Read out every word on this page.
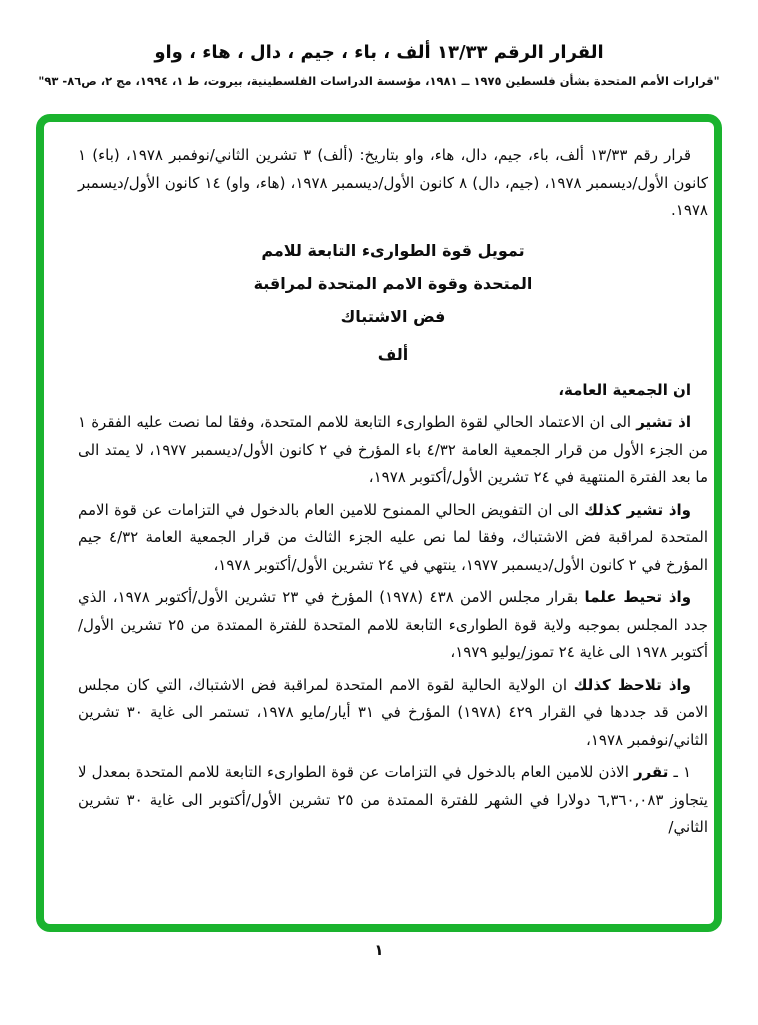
القرار الرقم ١٣/٣٣ ألف ، باء ، جيم ، دال ، هاء ، واو
"قرارات الأمم المتحدة بشأن فلسطين ١٩٧٥ ــ ١٩٨١، مؤسسة الدراسات الفلسطينية، بيروت، ط ١، ١٩٩٤، مج ٢، ص٨٦- ٩٣"

قرار رقم ١٣/٣٣ ألف، باء، جيم، دال، هاء، واو بتاريخ: (ألف) ٣ تشرين الثاني/نوفمبر ١٩٧٨، (باء) ١ كانون الأول/ديسمبر ١٩٧٨، (جيم، دال) ٨ كانون الأول/ديسمبر ١٩٧٨، (هاء، واو) ١٤ كانون الأول/ديسمبر ١٩٧٨.

تمويل قوة الطوارىء التابعة للامم
المتحدة وقوة الامم المتحدة لمراقبة
فض الاشتباك
ألف

ان الجمعية العامة،

اذ تشير الى ان الاعتماد الحالي لقوة الطوارىء التابعة للامم المتحدة، وفقا لما نصت عليه الفقرة ١ من الجزء الأول من قرار الجمعية العامة ٤/٣٢ باء المؤرخ في ٢ كانون الأول/ديسمبر ١٩٧٧، لا يمتد الى ما بعد الفترة المنتهية في ٢٤ تشرين الأول/أكتوبر ١٩٧٨،

واذ تشير كذلك الى ان التفويض الحالي الممنوح للامين العام بالدخول في التزامات عن قوة الامم المتحدة لمراقبة فض الاشتباك، وفقا لما نص عليه الجزء الثالث من قرار الجمعية العامة ٤/٣٢ جيم المؤرخ في ٢ كانون الأول/ديسمبر ١٩٧٧، ينتهي في ٢٤ تشرين الأول/أكتوبر ١٩٧٨،

واذ تحيط علما بقرار مجلس الامن ٤٣٨ (١٩٧٨) المؤرخ في ٢٣ تشرين الأول/أكتوبر ١٩٧٨، الذي جدد المجلس بموجبه ولاية قوة الطوارىء التابعة للامم المتحدة للفترة الممتدة من ٢٥ تشرين الأول/أكتوبر ١٩٧٨ الى غاية ٢٤ تموز/يوليو ١٩٧٩،

واذ تلاحظ كذلك ان الولاية الحالية لقوة الامم المتحدة لمراقبة فض الاشتباك، التي كان مجلس الامن قد جددها في القرار ٤٢٩ (١٩٧٨) المؤرخ في ٣١ أيار/مايو ١٩٧٨، تستمر الى غاية ٣٠ تشرين الثاني/نوفمبر ١٩٧٨،

١ ـ تقرر الاذن للامين العام بالدخول في التزامات عن قوة الطوارىء التابعة للامم المتحدة بمعدل لا يتجاوز ٦,٣٦٠,٠٨٣ دولارا في الشهر للفترة الممتدة من ٢٥ تشرين الأول/أكتوبر الى غاية ٣٠ تشرين الثاني/

١
